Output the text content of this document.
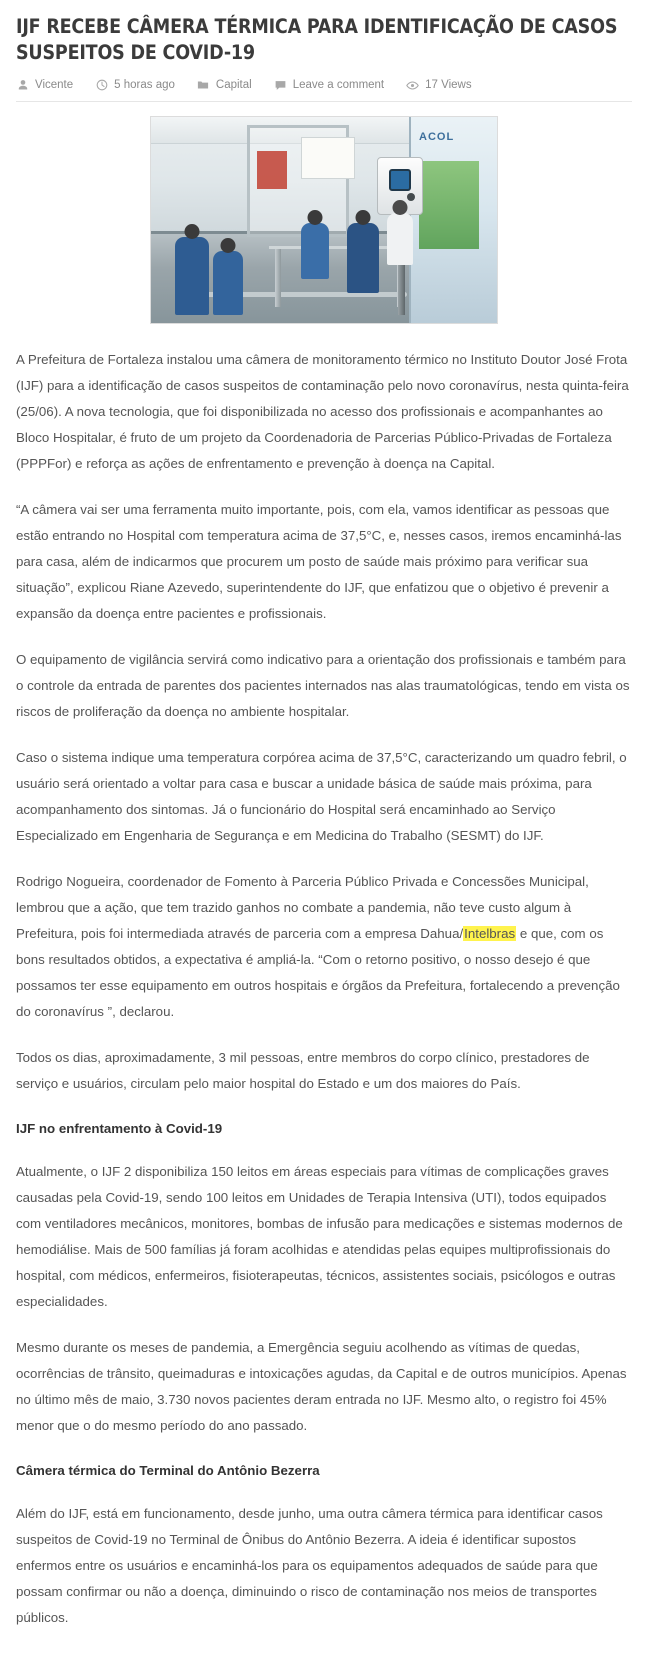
IJF RECEBE CÂMERA TÉRMICA PARA IDENTIFICAÇÃO DE CASOS SUSPEITOS DE COVID-19
Vicente	5 horas ago	Capital	Leave a comment	17 Views
ACOL

A Prefeitura de Fortaleza instalou uma câmera de monitoramento térmico no Instituto Doutor José Frota (IJF) para a identificação de casos suspeitos de contaminação pelo novo coronavírus, nesta quinta-feira (25/06). A nova tecnologia, que foi disponibilizada no acesso dos profissionais e acompanhantes ao Bloco Hospitalar, é fruto de um projeto da Coordenadoria de Parcerias Público-Privadas de Fortaleza (PPPFor) e reforça as ações de enfrentamento e prevenção à doença na Capital.

“A câmera vai ser uma ferramenta muito importante, pois, com ela, vamos identificar as pessoas que estão entrando no Hospital com temperatura acima de 37,5°C, e, nesses casos, iremos encaminhá-las para casa, além de indicarmos que procurem um posto de saúde mais próximo para verificar sua situação”, explicou Riane Azevedo, superintendente do IJF, que enfatizou que o objetivo é prevenir a expansão da doença entre pacientes e profissionais.

O equipamento de vigilância servirá como indicativo para a orientação dos profissionais e também para o controle da entrada de parentes dos pacientes internados nas alas traumatológicas, tendo em vista os riscos de proliferação da doença no ambiente hospitalar.

Caso o sistema indique uma temperatura corpórea acima de 37,5°C, caracterizando um quadro febril, o usuário será orientado a voltar para casa e buscar a unidade básica de saúde mais próxima, para acompanhamento dos sintomas. Já o funcionário do Hospital será encaminhado ao Serviço Especializado em Engenharia de Segurança e em Medicina do Trabalho (SESMT) do IJF.

Rodrigo Nogueira, coordenador de Fomento à Parceria Público Privada e Concessões Municipal, lembrou que a ação, que tem trazido ganhos no combate a pandemia, não teve custo algum à Prefeitura, pois foi intermediada através de parceria com a empresa Dahua/Intelbras e que, com os bons resultados obtidos, a expectativa é ampliá-la. “Com o retorno positivo, o nosso desejo é que possamos ter esse equipamento em outros hospitais e órgãos da Prefeitura, fortalecendo a prevenção do coronavírus ”, declarou.

Todos os dias, aproximadamente, 3 mil pessoas, entre membros do corpo clínico, prestadores de serviço e usuários, circulam pelo maior hospital do Estado e um dos maiores do País.

IJF no enfrentamento à Covid-19

Atualmente, o IJF 2 disponibiliza 150 leitos em áreas especiais para vítimas de complicações graves causadas pela Covid-19, sendo 100 leitos em Unidades de Terapia Intensiva (UTI), todos equipados com ventiladores mecânicos, monitores, bombas de infusão para medicações e sistemas modernos de hemodiálise. Mais de 500 famílias já foram acolhidas e atendidas pelas equipes multiprofissionais do hospital, com médicos, enfermeiros, fisioterapeutas, técnicos, assistentes sociais, psicólogos e outras especialidades.

Mesmo durante os meses de pandemia, a Emergência seguiu acolhendo as vítimas de quedas, ocorrências de trânsito, queimaduras e intoxicações agudas, da Capital e de outros municípios. Apenas no último mês de maio, 3.730 novos pacientes deram entrada no IJF. Mesmo alto, o registro foi 45% menor que o do mesmo período do ano passado.

Câmera térmica do Terminal do Antônio Bezerra

Além do IJF, está em funcionamento, desde junho, uma outra câmera térmica para identificar casos suspeitos de Covid-19 no Terminal de Ônibus do Antônio Bezerra. A ideia é identificar supostos enfermos entre os usuários e encaminhá-los para os equipamentos adequados de saúde para que possam confirmar ou não a doença, diminuindo o risco de contaminação nos meios de transportes públicos.
